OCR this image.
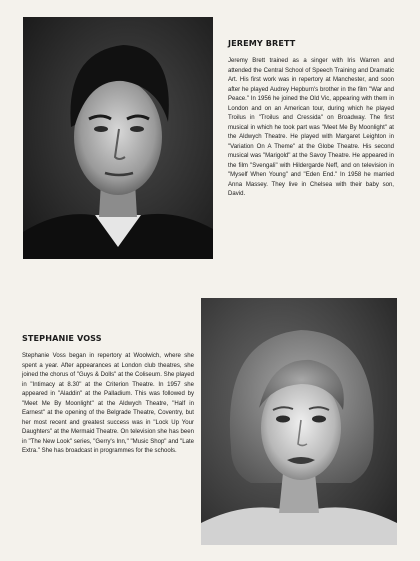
JEREMY BRETT

Jeremy Brett trained as a singer with Iris Warren and attended the Central School of Speech Training and Dramatic Art. His first work was in repertory at Manchester, and soon after he played Audrey Hepburn's brother in the film "War and Peace." In 1956 he joined the Old Vic, appearing with them in London and on an American tour, during which he played Troilus in "Troilus and Cressida" on Broadway. The first musical in which he took part was "Meet Me By Moonlight" at the Aldwych Theatre. He played with Margaret Leighton in "Variation On A Theme" at the Globe Theatre. His second musical was "Marigold" at the Savoy Theatre. He appeared in the film "Svengali" with Hildergarde Neff, and on television in "Myself When Young" and "Eden End." In 1958 he married Anna Massey. They live in Chelsea with their baby son, David.

STEPHANIE VOSS

Stephanie Voss began in repertory at Woolwich, where she spent a year. After appearances at London club theatres, she joined the chorus of "Guys & Dolls" at the Coliseum. She played in "Intimacy at 8.30" at the Criterion Theatre. In 1957 she appeared in "Aladdin" at the Palladium. This was followed by "Meet Me By Moonlight" at the Aldwych Theatre, "Half in Earnest" at the opening of the Belgrade Theatre, Coventry, but her most recent and greatest success was in "Lock Up Your Daughters" at the Mermaid Theatre. On television she has been in "The New Look" series, "Gerry's Inn," "Music Shop" and "Late Extra." She has broadcast in programmes for the schools.
